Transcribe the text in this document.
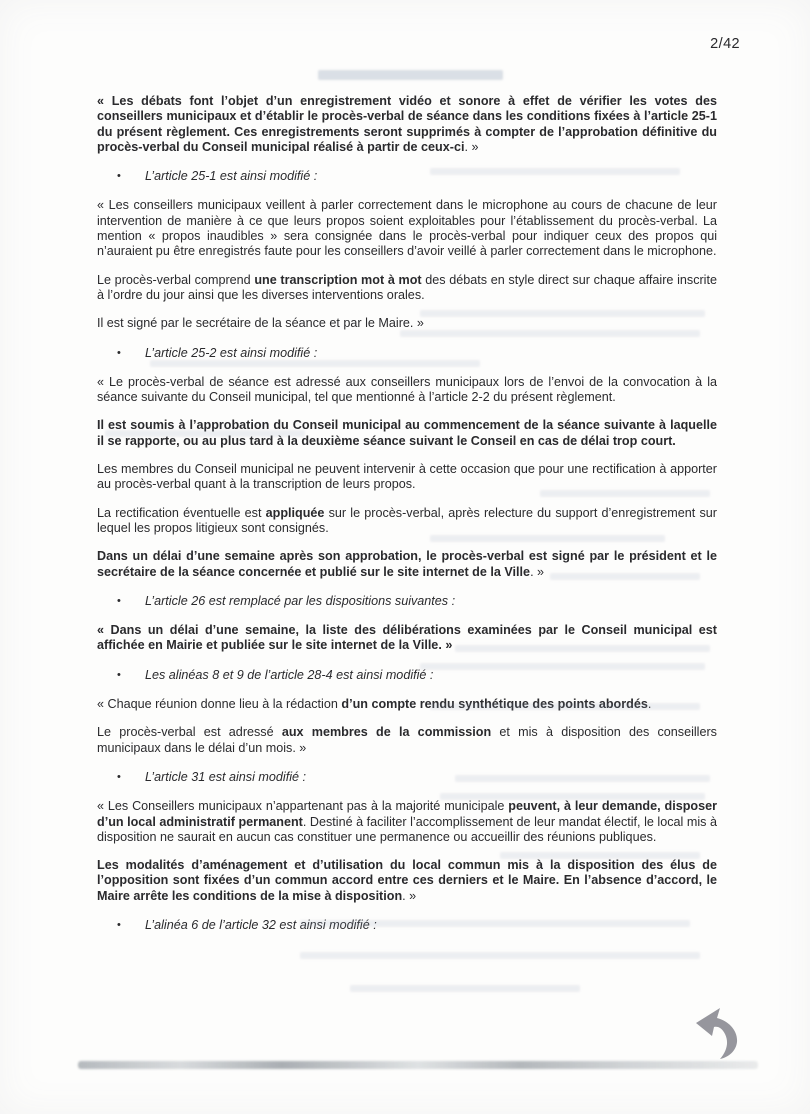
2/42

« Les débats font l’objet d’un enregistrement vidéo et sonore à effet de vérifier les votes des conseillers municipaux et d’établir le procès-verbal de séance dans les conditions fixées à l’article 25-1 du présent règlement. Ces enregistrements seront supprimés à compter de l’approbation définitive du procès-verbal du Conseil municipal réalisé à partir de ceux-ci. »

•	L’article 25-1 est ainsi modifié :

« Les conseillers municipaux veillent à parler correctement dans le microphone au cours de chacune de leur intervention de manière à ce que leurs propos soient exploitables pour l’établissement du procès-verbal. La mention « propos inaudibles » sera consignée dans le procès-verbal pour indiquer ceux des propos qui n’auraient pu être enregistrés faute pour les conseillers d’avoir veillé à parler correctement dans le microphone.

Le procès-verbal comprend une transcription mot à mot des débats en style direct sur chaque affaire inscrite à l’ordre du jour ainsi que les diverses interventions orales.

Il est signé par le secrétaire de la séance et par le Maire. »

•	L’article 25-2 est ainsi modifié :

« Le procès-verbal de séance est adressé aux conseillers municipaux lors de l’envoi de la convocation à la séance suivante du Conseil municipal, tel que mentionné à l’article 2-2 du présent règlement.

Il est soumis à l’approbation du Conseil municipal au commencement de la séance suivante à laquelle il se rapporte, ou au plus tard à la deuxième séance suivant le Conseil en cas de délai trop court.

Les membres du Conseil municipal ne peuvent intervenir à cette occasion que pour une rectification à apporter au procès-verbal quant à la transcription de leurs propos.

La rectification éventuelle est appliquée sur le procès-verbal, après relecture du support d’enregistrement sur lequel les propos litigieux sont consignés.

Dans un délai d’une semaine après son approbation, le procès-verbal est signé par le président et le secrétaire de la séance concernée et publié sur le site internet de la Ville. »

•	L’article 26 est remplacé par les dispositions suivantes :

« Dans un délai d’une semaine, la liste des délibérations examinées par le Conseil municipal est affichée en Mairie et publiée sur le site internet de la Ville. »

•	Les alinéas 8 et 9 de l’article 28-4 est ainsi modifié :

« Chaque réunion donne lieu à la rédaction d’un compte rendu synthétique des points abordés.

Le procès-verbal est adressé aux membres de la commission et mis à disposition des conseillers municipaux dans le délai d’un mois. »

•	L’article 31 est ainsi modifié :

« Les Conseillers municipaux n’appartenant pas à la majorité municipale peuvent, à leur demande, disposer d’un local administratif permanent. Destiné à faciliter l’accomplissement de leur mandat électif, le local mis à disposition ne saurait en aucun cas constituer une permanence ou accueillir des réunions publiques.

Les modalités d’aménagement et d’utilisation du local commun mis à la disposition des élus de l’opposition sont fixées d’un commun accord entre ces derniers et le Maire. En l’absence d’accord, le Maire arrête les conditions de la mise à disposition. »

•	L’alinéa 6 de l’article 32 est ainsi modifié :
